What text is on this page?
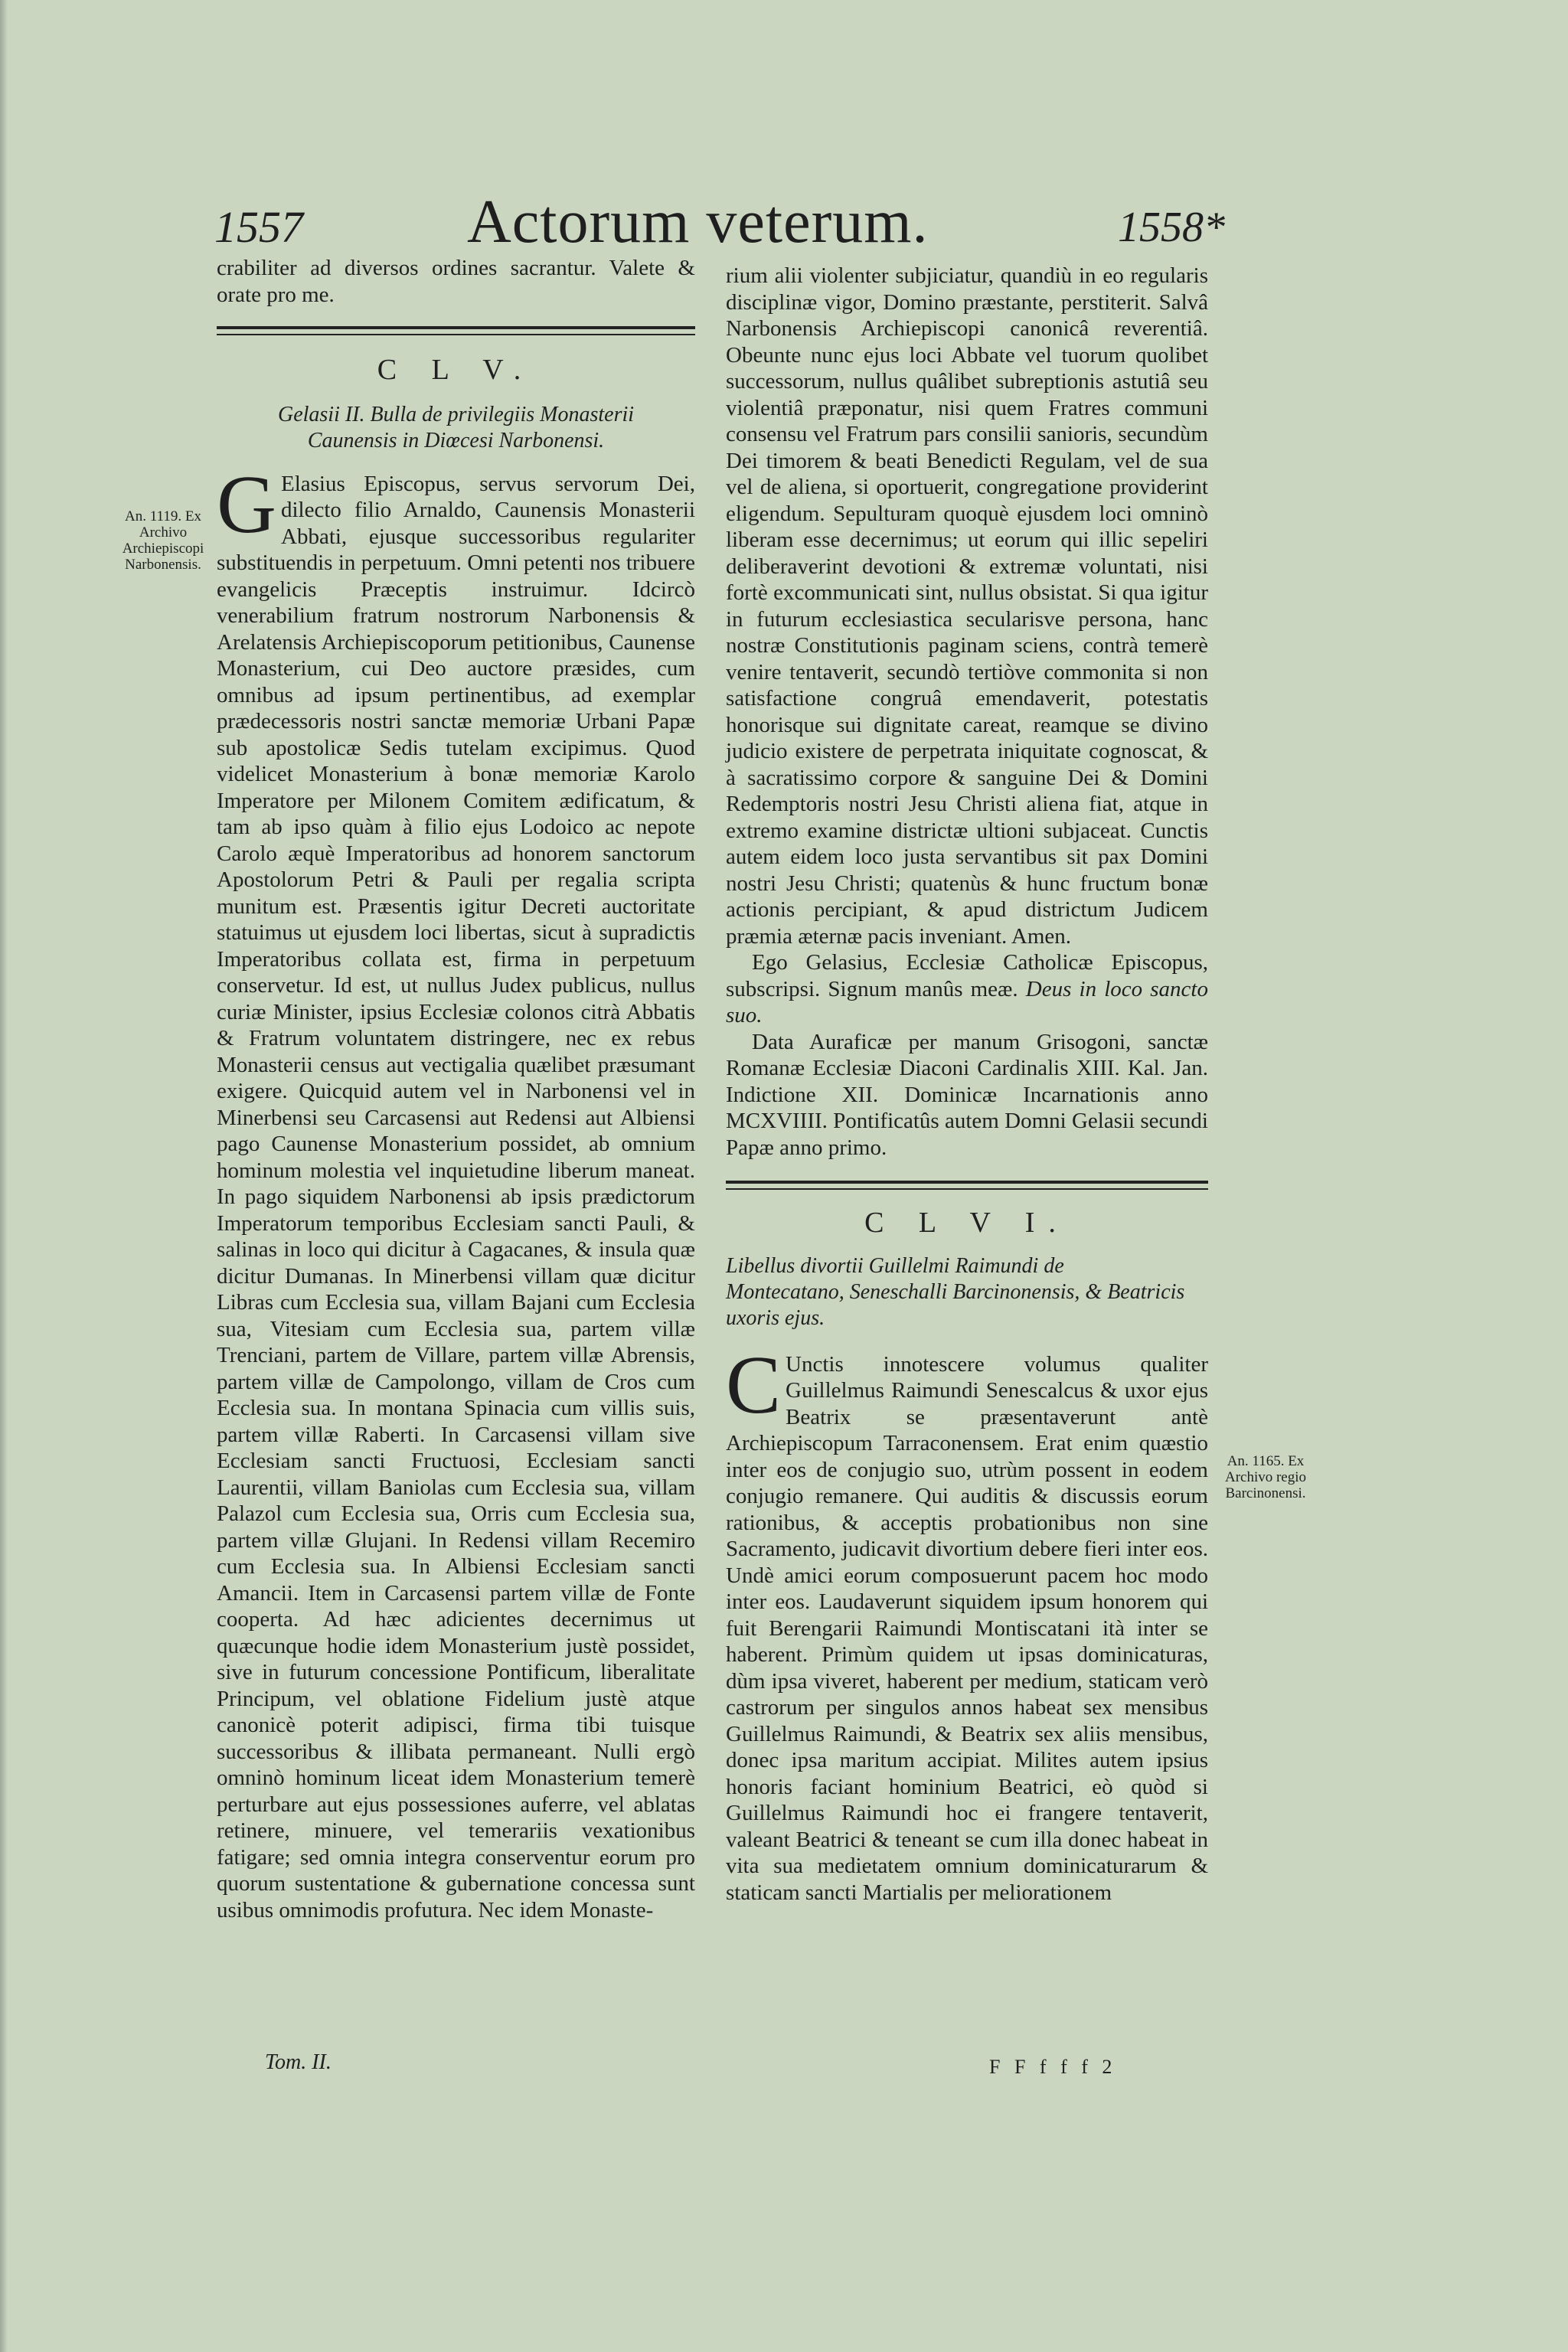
1557	Actorum veterum.	1558*
An. 1119. Ex Archivo Archiepiscopi Narbonensis.
An. 1165. Ex Archivo regio Barcinonensi.

crabiliter ad diversos ordines sacrantur. Valete & orate pro me.

C L V.

Gelasii II. Bulla de privilegiis Monasterii Caunensis in Diœcesi Narbonensi.

G Elasius Episcopus, servus servorum Dei, dilecto filio Arnaldo, Caunensis Monasterii Abbati, ejusque successoribus regulariter substituendis in perpetuum. Omni petenti nos tribuere evangelicis Præceptis instruimur. Idcircò venerabilium fratrum nostrorum Narbonensis & Arelatensis Archiepiscoporum petitionibus, Caunense Monasterium, cui Deo auctore præsides, cum omnibus ad ipsum pertinentibus, ad exemplar prædecessoris nostri sanctæ memoriæ Urbani Papæ sub apostolicæ Sedis tutelam excipimus. Quod videlicet Monasterium à bonæ memoriæ Karolo Imperatore per Milonem Comitem ædificatum, & tam ab ipso quàm à filio ejus Lodoico ac nepote Carolo æquè Imperatoribus ad honorem sanctorum Apostolorum Petri & Pauli per regalia scripta munitum est. Præsentis igitur Decreti auctoritate statuimus ut ejusdem loci libertas, sicut à supradictis Imperatoribus collata est, firma in perpetuum conservetur. Id est, ut nullus Judex publicus, nullus curiæ Minister, ipsius Ecclesiæ colonos citrà Abbatis & Fratrum voluntatem distringere, nec ex rebus Monasterii census aut vectigalia quælibet præsumant exigere. Quicquid autem vel in Narbonensi vel in Minerbensi seu Carcasensi aut Redensi aut Albiensi pago Caunense Monasterium possidet, ab omnium hominum molestia vel inquietudine liberum maneat. In pago siquidem Narbonensi ab ipsis prædictorum Imperatorum temporibus Ecclesiam sancti Pauli, & salinas in loco qui dicitur à Cagacanes, & insula quæ dicitur Dumanas. In Minerbensi villam quæ dicitur Libras cum Ecclesia sua, villam Bajani cum Ecclesia sua, Vitesiam cum Ecclesia sua, partem villæ Trenciani, partem de Villare, partem villæ Abrensis, partem villæ de Campolongo, villam de Cros cum Ecclesia sua. In montana Spinacia cum villis suis, partem villæ Raberti. In Carcasensi villam sive Ecclesiam sancti Fructuosi, Ecclesiam sancti Laurentii, villam Baniolas cum Ecclesia sua, villam Palazol cum Ecclesia sua, Orris cum Ecclesia sua, partem villæ Glujani. In Redensi villam Recemiro cum Ecclesia sua. In Albiensi Ecclesiam sancti Amancii. Item in Carcasensi partem villæ de Fonte cooperta. Ad hæc adicientes decernimus ut quæcunque hodie idem Monasterium justè possidet, sive in futurum concessione Pontificum, liberalitate Principum, vel oblatione Fidelium justè atque canonicè poterit adipisci, firma tibi tuisque successoribus & illibata permaneant. Nulli ergò omninò hominum liceat idem Monasterium temerè perturbare aut ejus possessiones auferre, vel ablatas retinere, minuere, vel temerariis vexationibus fatigare; sed omnia integra conserventur eorum pro quorum sustentatione & gubernatione concessa sunt usibus omnimodis profutura. Nec idem Monaste-

Tom. II.

rium alii violenter subjiciatur, quandiù in eo regularis disciplinæ vigor, Domino præstante, perstiterit. Salvâ Narbonensis Archiepiscopi canonicâ reverentiâ. Obeunte nunc ejus loci Abbate vel tuorum quolibet successorum, nullus quâlibet subreptionis astutiâ seu violentiâ præponatur, nisi quem Fratres communi consensu vel Fratrum pars consilii sanioris, secundùm Dei timorem & beati Benedicti Regulam, vel de sua vel de aliena, si oportuerit, congregatione providerint eligendum. Sepulturam quoquè ejusdem loci omninò liberam esse decernimus; ut eorum qui illic sepeliri deliberaverint devotioni & extremæ voluntati, nisi fortè excommunicati sint, nullus obsistat. Si qua igitur in futurum ecclesiastica secularisve persona, hanc nostræ Constitutionis paginam sciens, contrà temerè venire tentaverit, secundò tertiòve commonita si non satisfactione congruâ emendaverit, potestatis honorisque sui dignitate careat, reamque se divino judicio existere de perpetrata iniquitate cognoscat, & à sacratissimo corpore & sanguine Dei & Domini Redemptoris nostri Jesu Christi aliena fiat, atque in extremo examine districtæ ultioni subjaceat. Cunctis autem eidem loco justa servantibus sit pax Domini nostri Jesu Christi; quatenùs & hunc fructum bonæ actionis percipiant, & apud districtum Judicem præmia æternæ pacis inveniant. Amen.

Ego Gelasius, Ecclesiæ Catholicæ Episcopus, subscripsi. Signum manûs meæ. Deus in loco sancto suo.

Data Auraficæ per manum Grisogoni, sanctæ Romanæ Ecclesiæ Diaconi Cardinalis XIII. Kal. Jan. Indictione XII. Dominicæ Incarnationis anno MCXVIIII. Pontificatûs autem Domni Gelasii secundi Papæ anno primo.

C L V I.

Libellus divortii Guillelmi Raimundi de Montecatano, Seneschalli Barcinonensis, & Beatricis uxoris ejus.

C Unctis innotescere volumus qualiter Guillelmus Raimundi Senescalcus & uxor ejus Beatrix se præsentaverunt antè Archiepiscopum Tarraconensem. Erat enim quæstio inter eos de conjugio suo, utrùm possent in eodem conjugio remanere. Qui auditis & discussis eorum rationibus, & acceptis probationibus non sine Sacramento, judicavit divortium debere fieri inter eos. Undè amici eorum composuerunt pacem hoc modo inter eos. Laudaverunt siquidem ipsum honorem qui fuit Berengarii Raimundi Montiscatani ità inter se haberent. Primùm quidem ut ipsas dominicaturas, dùm ipsa viveret, haberent per medium, staticam verò castrorum per singulos annos habeat sex mensibus Guillelmus Raimundi, & Beatrix sex aliis mensibus, donec ipsa maritum accipiat. Milites autem ipsius honoris faciant hominium Beatrici, eò quòd si Guillelmus Raimundi hoc ei frangere tentaverit, valeant Beatrici & teneant se cum illa donec habeat in vita sua medietatem omnium dominicaturarum & staticam sancti Martialis per meliorationem

F F f f f 2
